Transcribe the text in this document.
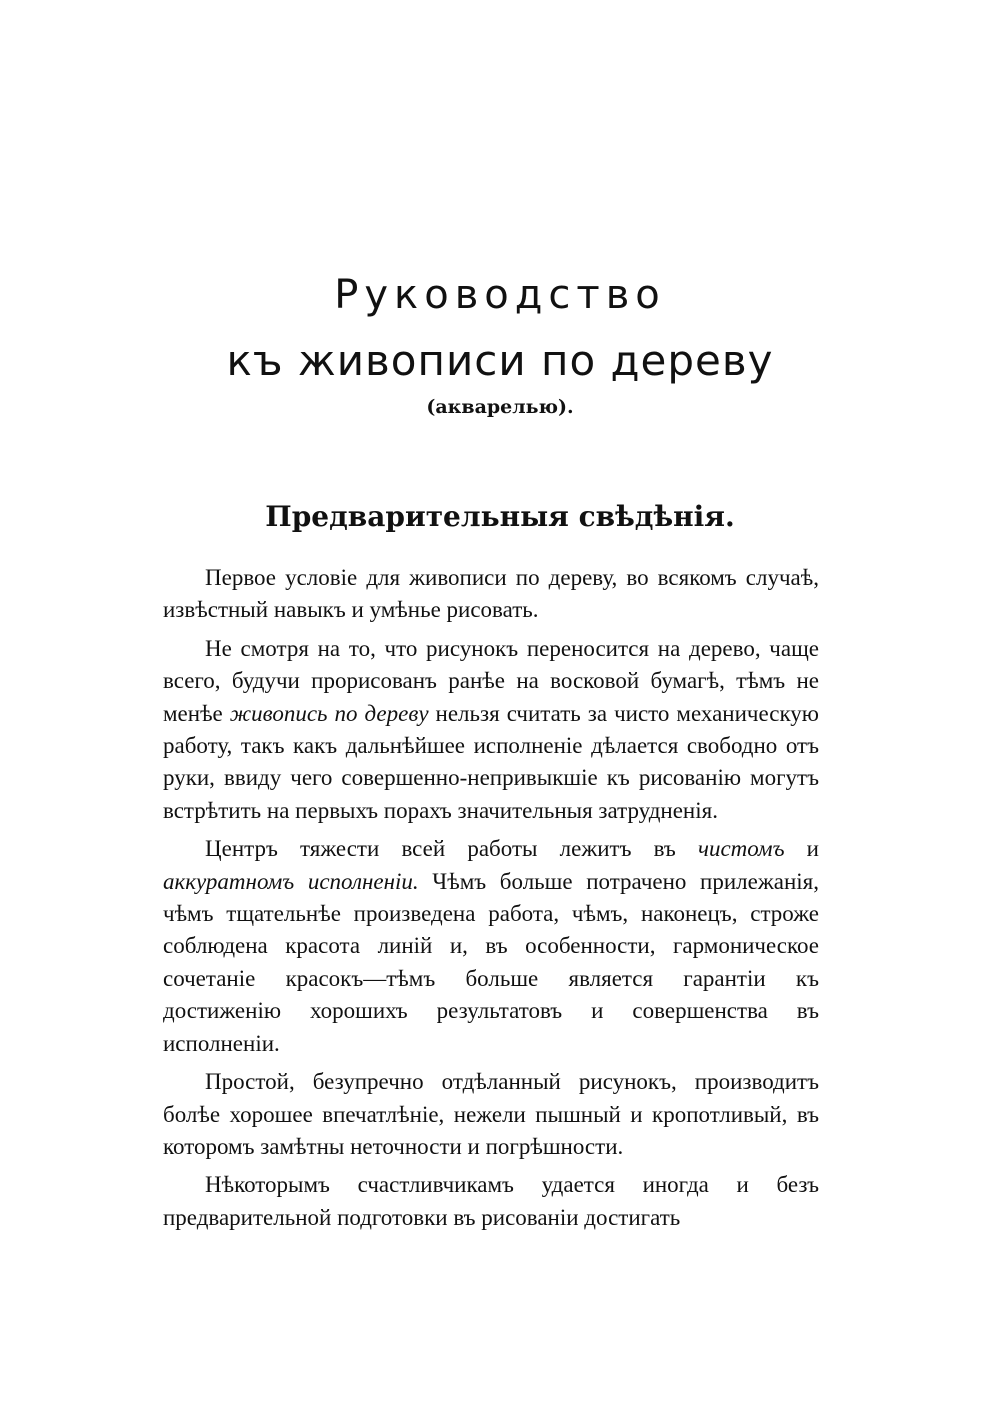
Руководство
къ живописи по дереву
(акварелью).
Предварительныя свѣдѣнія.

Первое условіе для живописи по дереву, во всякомъ случаѣ, извѣстный навыкъ и умѣнье рисовать.

Не смотря на то, что рисунокъ переносится на дерево, чаще всего, будучи прорисованъ ранѣе на восковой бумагѣ, тѣмъ не менѣе живопись по дереву нельзя считать за чисто механическую работу, такъ какъ дальнѣйшее исполненіе дѣлается свободно отъ руки, ввиду чего совершенно-непривыкшіе къ рисованію могутъ встрѣтить на первыхъ порахъ значительныя затрудненія.

Центръ тяжести всей работы лежитъ въ чистомъ и аккуратномъ исполненіи. Чѣмъ больше потрачено прилежанія, чѣмъ тщательнѣе произведена работа, чѣмъ, наконецъ, строже соблюдена красота линій и, въ особенности, гармоническое сочетаніе красокъ—тѣмъ больше является гарантіи къ достиженію хорошихъ результатовъ и совершенства въ исполненіи.

Простой, безупречно отдѣланный рисунокъ, производитъ болѣе хорошее впечатлѣніе, нежели пышный и кропотливый, въ которомъ замѣтны неточности и погрѣшности.

Нѣкоторымъ счастливчикамъ удается иногда и безъ предварительной подготовки въ рисованіи достигать
